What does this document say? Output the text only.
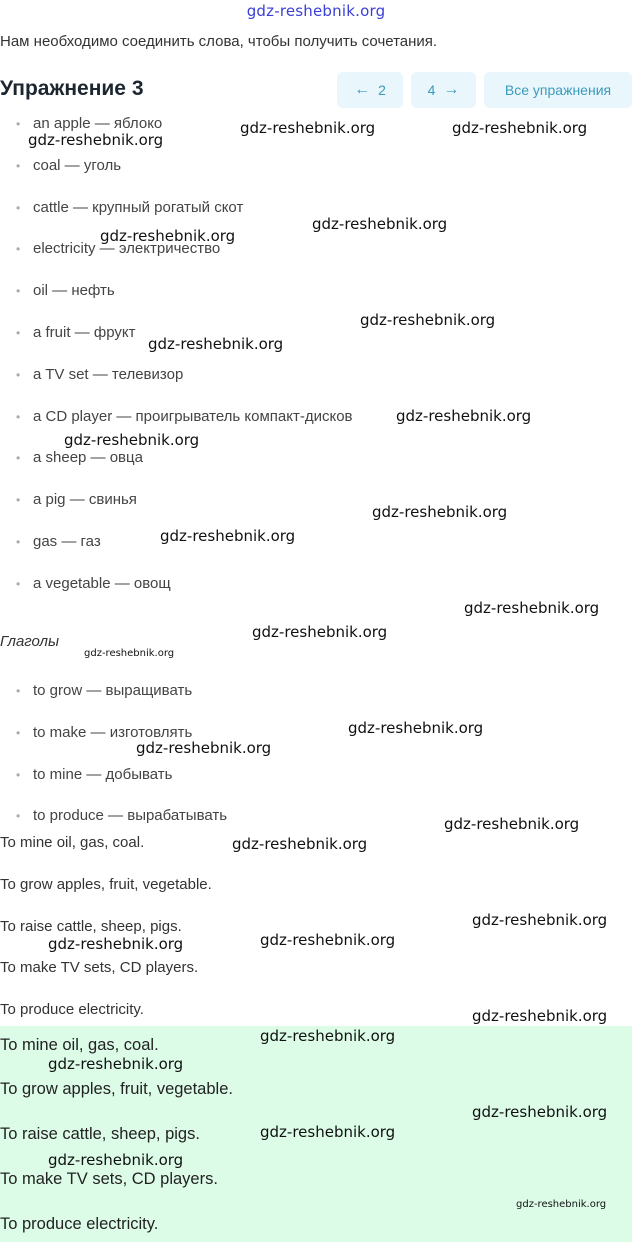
gdz-reshebnik.org
Нам необходимо соединить слова, чтобы получить сочетания.
Упражнение 3	← 2	4 →	Все упражнения
• an apple — яблоко
• coal — уголь
• cattle — крупный рогатый скот
• electricity — электричество
• oil — нефть
• a fruit — фрукт
• a TV set — телевизор
• a CD player — проигрыватель компакт-дисков
• a sheep — овца
• a pig — свинья
• gas — газ
• a vegetable — овощ
Глаголы
• to grow — выращивать
• to make — изготовлять
• to mine — добывать
• to produce — вырабатывать
To mine oil, gas, coal.
To grow apples, fruit, vegetable.
To raise cattle, sheep, pigs.
To make TV sets, CD players.
To produce electricity.
To mine oil, gas, coal.
To grow apples, fruit, vegetable.
To raise cattle, sheep, pigs.
To make TV sets, CD players.
To produce electricity.
gdz-reshebnik.org	gdz-reshebnik.org
gdz-reshebnik.org
gdz-reshebnik.org
gdz-reshebnik.org
gdz-reshebnik.org
gdz-reshebnik.org
gdz-reshebnik.org
gdz-reshebnik.org
gdz-reshebnik.org
gdz-reshebnik.org
gdz-reshebnik.org
gdz-reshebnik.org
gdz-reshebnik.org
gdz-reshebnik.org
gdz-reshebnik.org
gdz-reshebnik.org
gdz-reshebnik.org
gdz-reshebnik.org
gdz-reshebnik.org
gdz-reshebnik.org
gdz-reshebnik.org
gdz-reshebnik.org
gdz-reshebnik.org
gdz-reshebnik.org
gdz-reshebnik.org
gdz-reshebnik.org
gdz-reshebnik.org
